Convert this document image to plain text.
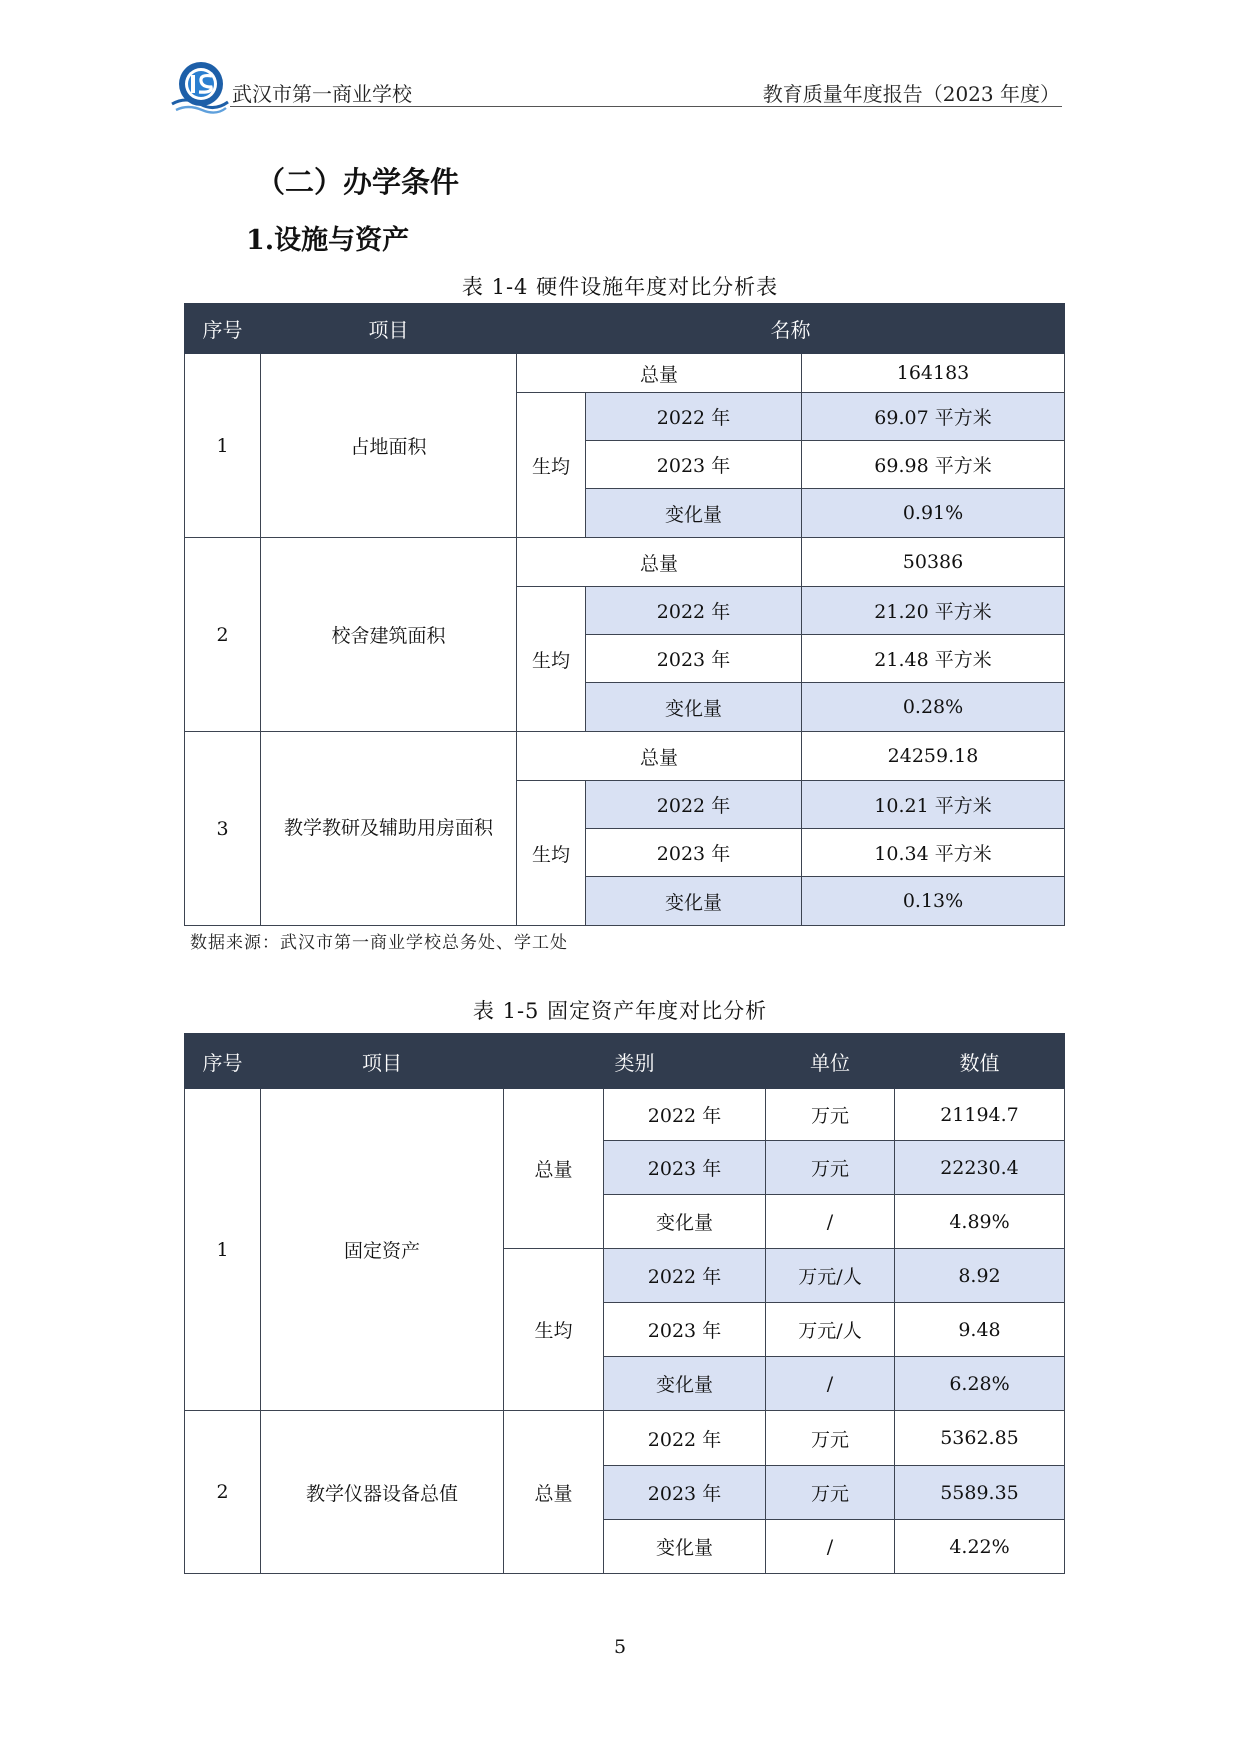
武汉市第一商业学校	教育质量年度报告（2023 年度）
（二）办学条件
1.设施与资产
表 1-4 硬件设施年度对比分析表
序号	项目	名称		
1	占地面积	总量		164183
		生均	2022 年	69.07 平方米
			2023 年	69.98 平方米
			变化量	0.91%
2	校舍建筑面积	总量		50386
		生均	2022 年	21.20 平方米
			2023 年	21.48 平方米
			变化量	0.28%
3	教学教研及辅助用房面积	总量		24259.18
		生均	2022 年	10.21 平方米
			2023 年	10.34 平方米
			变化量	0.13%
数据来源：武汉市第一商业学校总务处、学工处
表 1-5 固定资产年度对比分析
序号	项目	类别		单位	数值
1	固定资产	总量	2022 年	万元	21194.7
			2023 年	万元	22230.4
			变化量	/	4.89%
		生均	2022 年	万元/人	8.92
			2023 年	万元/人	9.48
			变化量	/	6.28%
2	教学仪器设备总值	总量	2022 年	万元	5362.85
			2023 年	万元	5589.35
			变化量	/	4.22%
5
